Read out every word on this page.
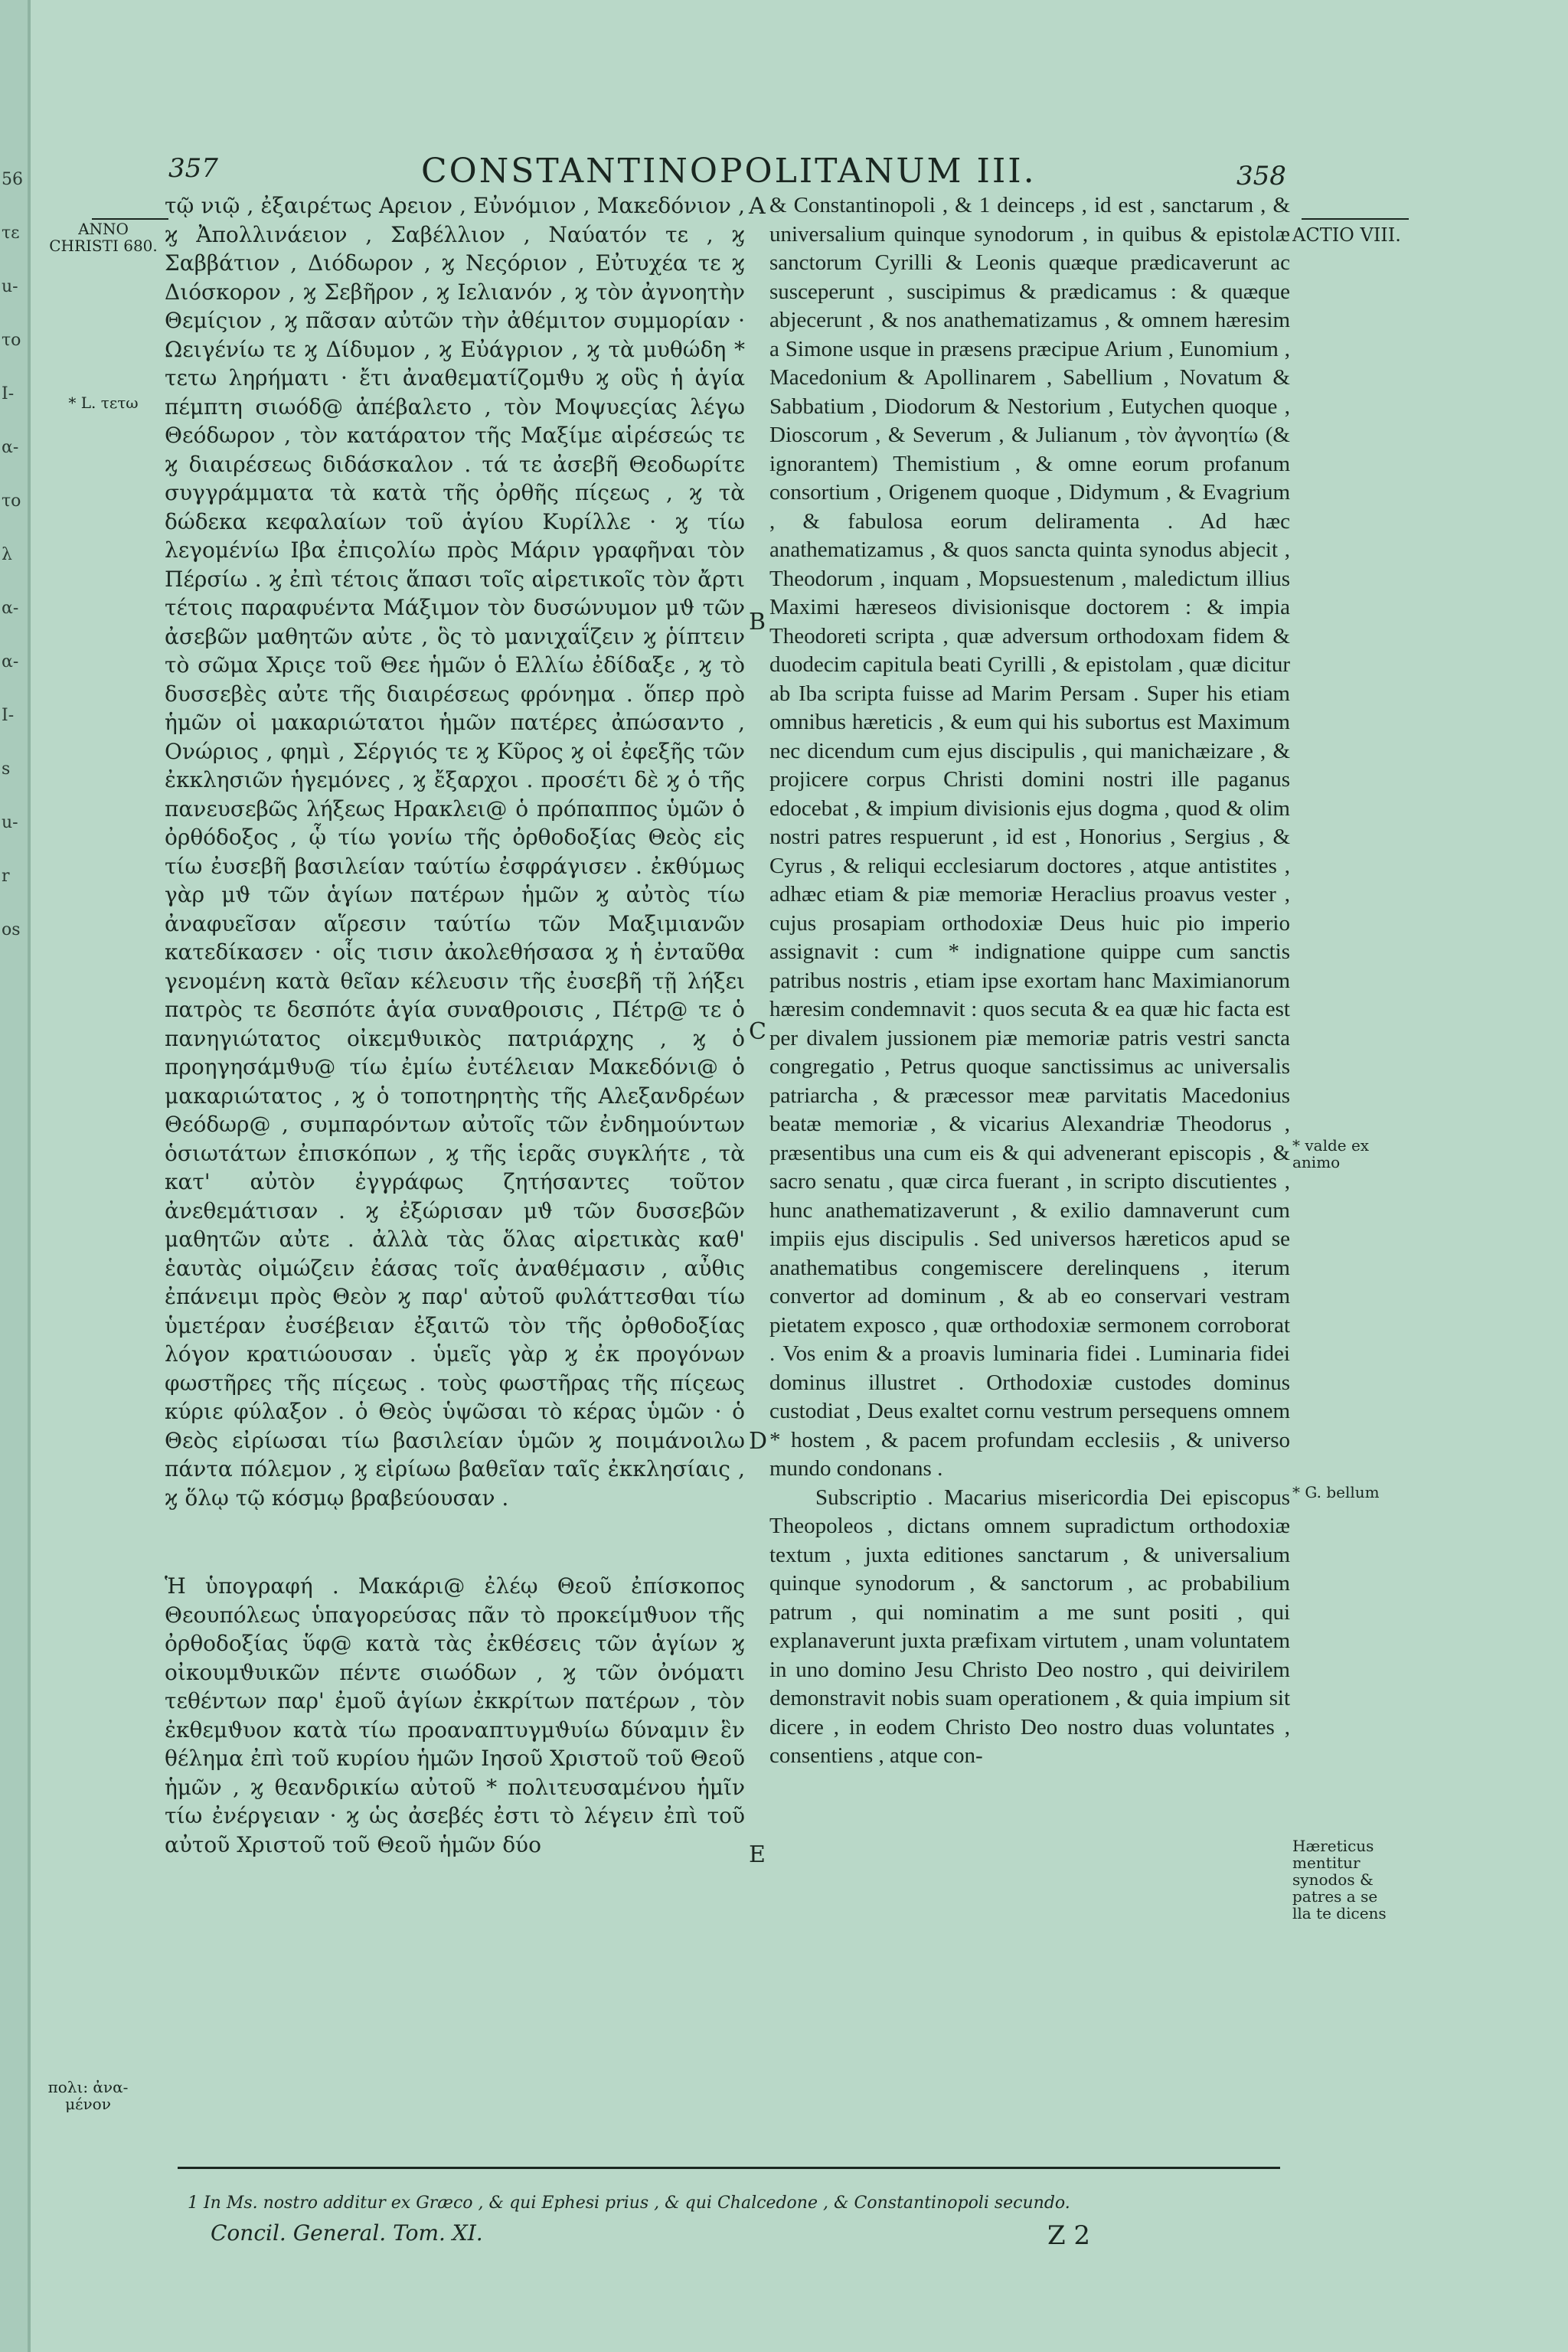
56
τε
u-
το
Ι-
α-
το
λ
α-
α-
Ι-
s
u-
r
os
357	CONSTANTINOPOLITANUM III.	358
ANNO CHRISTI 680.
* L. τετω
πολι: ἀνα-μένον
ACTIO VIII.
* valde ex animo
* G. bellum
Hæreticus mentitur synodos & patres a se lla te dicens
A
B
C
D
E

τῷ νιῷ , ἐξαιρέτως Αρειον , Εὐνόμιον , Μακεδόνιον , ϗ Ἀπολλινάειον , Σαβέλλιον , Ναύατόν τε , ϗ Σαββάτιον , Διόδωρον , ϗ Νεςόριον , Εὐτυχέα τε ϗ Διόσκορον , ϗ Σεβῆρον , ϗ Ιελιανόν , ϗ τὸν ἀγνοητὴν Θεμίςιον , ϗ πᾶσαν αὐτῶν τὴν ἀθέμιτον συμμορίαν · Ωειγένίω τε ϗ Δίδυμον , ϗ Εὐάγριον , ϗ τὰ μυθώδη * τετω ληρήματι · ἔτι ἀναθεματίζομϑυ ϗ οὓς ἡ ἁγία πέμπτη σιωόδ@ ἀπέβαλετο , τὸν Μοψυεςίας λέγω Θεόδωρον , τὸν κατάρατον τῆς Μαξίμε αἱρέσεώς τε ϗ διαιρέσεως διδάσκαλον . τά τε ἀσεβῆ Θεοδωρίτε συγγράμματα τὰ κατὰ τῆς ὀρθῆς πίςεως , ϗ τὰ δώδεκα κεφαλαίων τοῦ ἁγίου Κυρίλλε · ϗ τίω λεγομένίω Ιβα ἐπιςολίω πρὸς Μάριν γραφῆναι τὸν Πέρσίω . ϗ ἐπὶ τέτοις ἅπασι τοῖς αἱρετικοῖς τὸν ἄρτι τέτοις παραφυέντα Μάξιμον τὸν δυσώνυμον μϑ τῶν ἀσεβῶν μαθητῶν αὐτε , ὃς τὸ μανιχαΐζειν ϗ ῥίπτειν τὸ σῶμα Χριςε τοῦ Θεε ἡμῶν ὁ Ελλίω ἐδίδαξε , ϗ τὸ δυσσεβὲς αὐτε τῆς διαιρέσεως φρόνημα . ὅπερ πρὸ ἡμῶν οἱ μακαριώτατοι ἡμῶν πατέρες ἀπώσαντο , Ονώριος , φημὶ , Σέργιός τε ϗ Κῦρος ϗ οἱ ἐφεξῆς τῶν ἐκκλησιῶν ἡγεμόνες , ϗ ἔξαρχοι . προσέτι δὲ ϗ ὁ τῆς πανευσεβῶς λήξεως Ηρακλει@ ὁ πρόπαππος ὑμῶν ὁ ὀρθόδοξος , ᾧ τίω γονίω τῆς ὀρθοδοξίας Θεὸς εἰς τίω ἐυσεβῆ βασιλείαν ταύτίω ἐσφράγισεν . ἐκθύμως γὰρ μϑ τῶν ἁγίων πατέρων ἡμῶν ϗ αὐτὸς τίω ἀναφυεῖσαν αἵρεσιν ταύτίω τῶν Μαξιμιανῶν κατεδίκασεν · οἷς τισιν ἀκολεθήσασα ϗ ἡ ἐνταῦθα γενομένη κατὰ θεῖαν κέλευσιν τῆς ἐυσεβῆ τῇ λήξει πατρὸς τε δεσπότε ἁγία συναθροισις , Πέτρ@ τε ὁ πανηγιώτατος οἰκεμϑυικὸς πατριάρχης , ϗ ὁ προηγησάμϑυ@ τίω ἐμίω ἐυτέλειαν Μακεδόνι@ ὁ μακαριώτατος , ϗ ὁ τοποτηρητὴς τῆς Αλεξανδρέων Θεόδωρ@ , συμπαρόντων αὐτοῖς τῶν ἐνδημούντων ὁσιωτάτων ἐπισκόπων , ϗ τῆς ἱερᾶς συγκλήτε , τὰ κατ' αὐτὸν ἐγγράφως ζητήσαντες τοῦτον ἀνεθεμάτισαν . ϗ ἐξώρισαν μϑ τῶν δυσσεβῶν μαθητῶν αὐτε . ἀλλὰ τὰς ὅλας αἱρετικὰς καθ' ἑαυτὰς οἰμώζειν ἐάσας τοῖς ἀναθέμασιν , αὖθις ἐπάνειμι πρὸς Θεὸν ϗ παρ' αὐτοῦ φυλάττεσθαι τίω ὑμετέραν ἐυσέβειαν ἐξαιτῶ τὸν τῆς ὀρθοδοξίας λόγον κρατιώουσαν . ὑμεῖς γὰρ ϗ ἐκ προγόνων φωστῆρες τῆς πίςεως . τοὺς φωστῆρας τῆς πίςεως κύριε φύλαξον . ὁ Θεὸς ὑψῶσαι τὸ κέρας ὑμῶν · ὁ Θεὸς εἰρίωσαι τίω βασιλείαν ὑμῶν ϗ ποιμάνοιλω πάντα πόλεμον , ϗ εἰρίωω βαθεῖαν ταῖς ἐκκλησίαις , ϗ ὅλῳ τῷ κόσμῳ βραβεύουσαν .

Ἡ ὑπογραφή . Μακάρι@ ἐλέῳ Θεοῦ ἐπίσκοπος Θεουπόλεως ὑπαγορεύσας πᾶν τὸ προκείμϑυον τῆς ὀρθοδοξίας ὕφ@ κατὰ τὰς ἐκθέσεις τῶν ἁγίων ϗ οἰκουμϑυικῶν πέντε σιωόδων , ϗ τῶν ὀνόματι τεθέντων παρ' ἐμοῦ ἁγίων ἐκκρίτων πατέρων , τὸν ἐκθεμϑυον κατὰ τίω προαναπτυγμϑυίω δύναμιν ἓν θέλημα ἐπὶ τοῦ κυρίου ἡμῶν Ιησοῦ Χριστοῦ τοῦ Θεοῦ ἡμῶν , ϗ θεανδρικίω αὐτοῦ * πολιτευσαμένου ἡμῖν τίω ἐνέργειαν · ϗ ὡς ἀσεβές ἐστι τὸ λέγειν ἐπὶ τοῦ αὐτοῦ Χριστοῦ τοῦ Θεοῦ ἡμῶν δύο

& Constantinopoli , & 1 deinceps , id est , sanctarum , & universalium quinque synodorum , in quibus & epistolæ sanctorum Cyrilli & Leonis quæque prædicaverunt ac susceperunt , suscipimus & prædicamus : & quæque abjecerunt , & nos anathematizamus , & omnem hæresim a Simone usque in præsens præcipue Arium , Eunomium , Macedonium & Apollinarem , Sabellium , Novatum & Sabbatium , Diodorum & Nestorium , Eutychen quoque , Dioscorum , & Severum , & Julianum , τὸν ἀγνοητίω (& ignorantem) Themistium , & omne eorum profanum consortium , Origenem quoque , Didymum , & Evagrium , & fabulosa eorum deliramenta . Ad hæc anathematizamus , & quos sancta quinta synodus abjecit , Theodorum , inquam , Mopsuestenum , maledictum illius Maximi hæreseos divisionisque doctorem : & impia Theodoreti scripta , quæ adversum orthodoxam fidem & duodecim capitula beati Cyrilli , & epistolam , quæ dicitur ab Iba scripta fuisse ad Marim Persam . Super his etiam omnibus hæreticis , & eum qui his subortus est Maximum nec dicendum cum ejus discipulis , qui manichæizare , & projicere corpus Christi domini nostri ille paganus edocebat , & impium divisionis ejus dogma , quod & olim nostri patres respuerunt , id est , Honorius , Sergius , & Cyrus , & reliqui ecclesiarum doctores , atque antistites , adhæc etiam & piæ memoriæ Heraclius proavus vester , cujus prosapiam orthodoxiæ Deus huic pio imperio assignavit : cum * indignatione quippe cum sanctis patribus nostris , etiam ipse exortam hanc Maximianorum hæresim condemnavit : quos secuta & ea quæ hic facta est per divalem jussionem piæ memoriæ patris vestri sancta congregatio , Petrus quoque sanctissimus ac universalis patriarcha , & præcessor meæ parvitatis Macedonius beatæ memoriæ , & vicarius Alexandriæ Theodorus , præsentibus una cum eis & qui advenerant episcopis , & sacro senatu , quæ circa fuerant , in scripto discutientes , hunc anathematizaverunt , & exilio damnaverunt cum impiis ejus discipulis . Sed universos hæreticos apud se anathematibus congemiscere derelinquens , iterum convertor ad dominum , & ab eo conservari vestram pietatem exposco , quæ orthodoxiæ sermonem corroborat . Vos enim & a proavis luminaria fidei . Luminaria fidei dominus illustret . Orthodoxiæ custodes dominus custodiat , Deus exaltet cornu vestrum persequens omnem * hostem , & pacem profundam ecclesiis , & universo mundo condonans .

Subscriptio . Macarius misericordia Dei episcopus Theopoleos , dictans omnem supradictum orthodoxiæ textum , juxta editiones sanctarum , & universalium quinque synodorum , & sanctorum , ac probabilium patrum , qui nominatim a me sunt positi , qui explanaverunt juxta præfixam virtutem , unam voluntatem in uno domino Jesu Christo Deo nostro , qui deivirilem demonstravit nobis suam operationem , & quia impium sit dicere , in eodem Christo Deo nostro duas voluntates , consentiens , atque con-

1 In Ms. nostro additur ex Græco , & qui Ephesi prius , & qui Chalcedone , & Constantinopoli secundo.
Concil. General. Tom. XI.	Z 2
